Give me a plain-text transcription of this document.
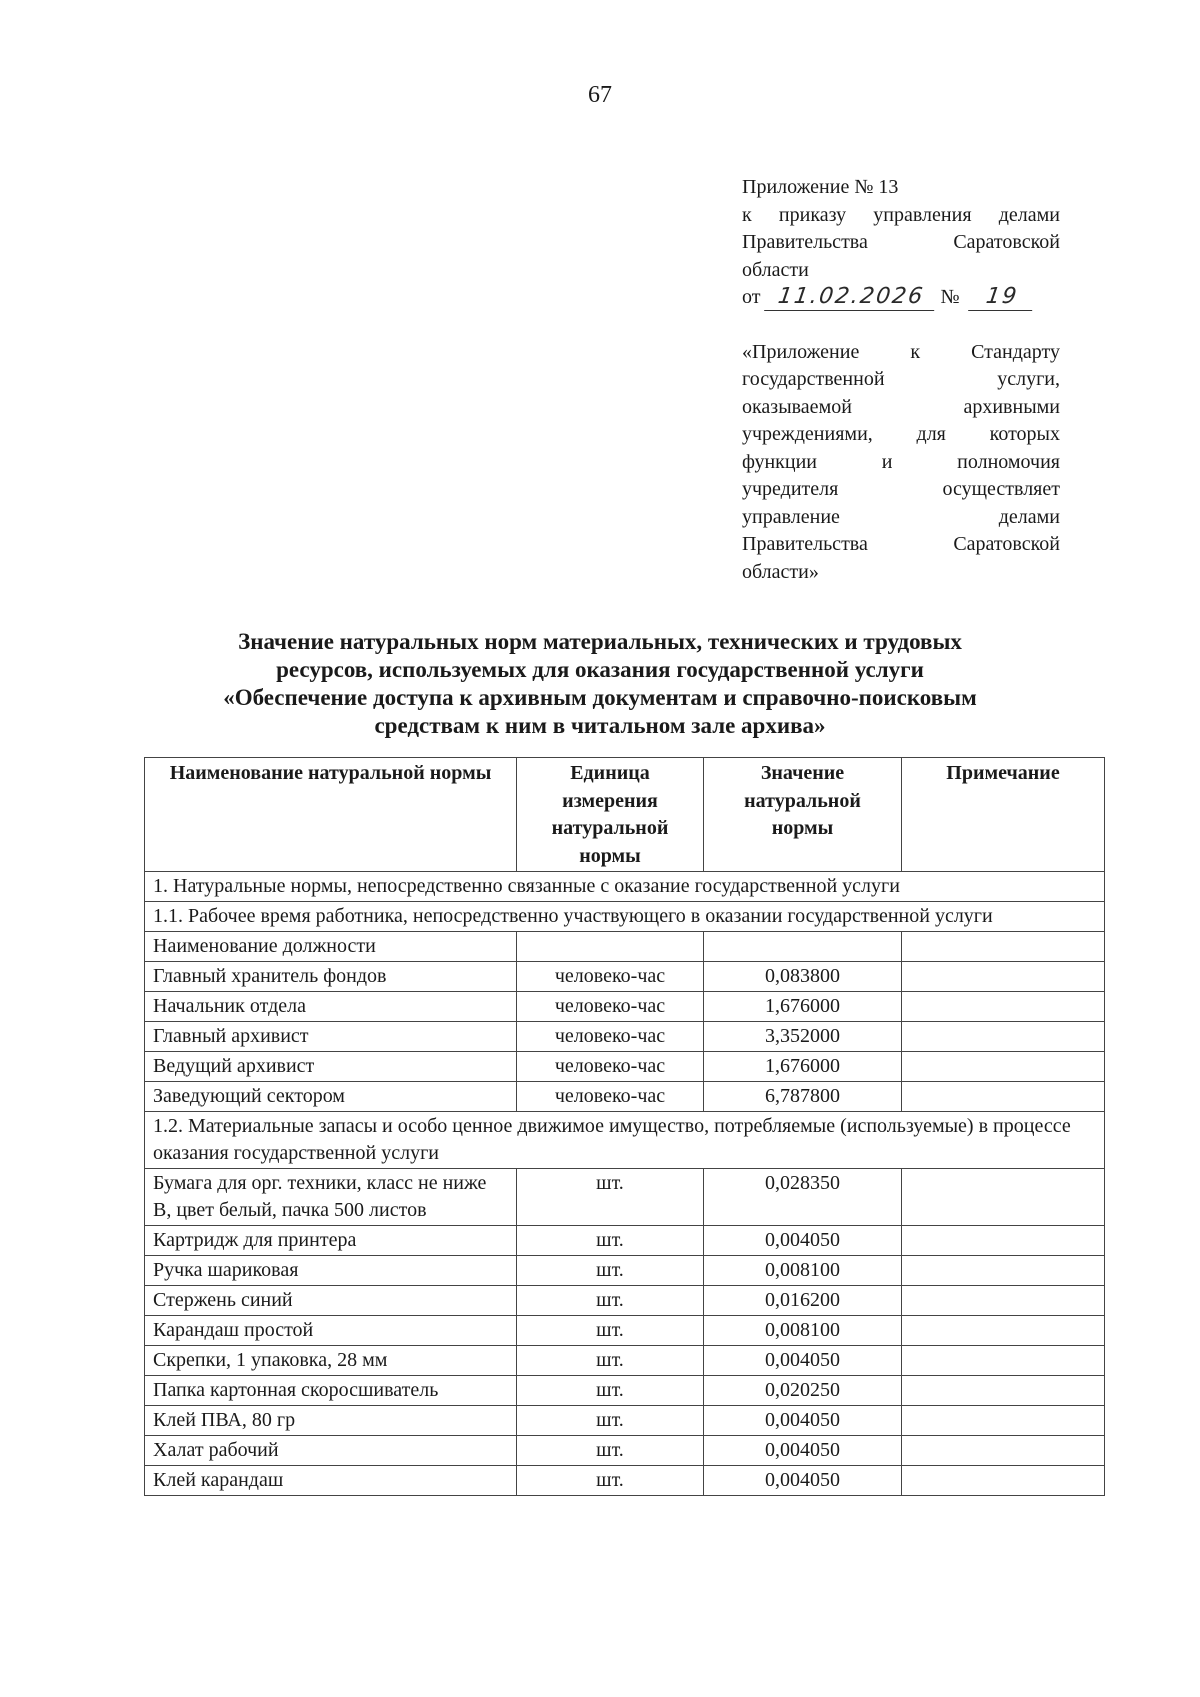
67
Приложение № 13
к приказу управления делами
Правительства Саратовской
области
от 11.02.2026 №	19
«Приложение к Стандарту
государственной услуги,
оказываемой архивными
учреждениями, для которых
функции и полномочия
учредителя осуществляет
управление делами
Правительства Саратовской
области»
Значение натуральных норм материальных, технических и трудовых
ресурсов, используемых для оказания государственной услуги
«Обеспечение доступа к архивным документам и справочно-поисковым
средствам к ним в читальном зале архива»
Наименование натуральной нормы	Единица измерения натуральной нормы	Значение натуральной нормы	Примечание
1. Натуральные нормы, непосредственно связанные с оказание государственной услуги			
1.1. Рабочее время работника, непосредственно участвующего в оказании государственной услуги			
Наименование должности			
Главный хранитель фондов	человеко-час	0,083800	
Начальник отдела	человеко-час	1,676000	
Главный архивист	человеко-час	3,352000	
Ведущий архивист	человеко-час	1,676000	
Заведующий сектором	человеко-час	6,787800	
1.2. Материальные запасы и особо ценное движимое имущество, потребляемые (используемые) в процессе оказания государственной услуги			
Бумага для орг. техники, класс не ниже В, цвет белый, пачка 500 листов	шт.	0,028350	
Картридж для принтера	шт.	0,004050	
Ручка шариковая	шт.	0,008100	
Стержень синий	шт.	0,016200	
Карандаш простой	шт.	0,008100	
Скрепки, 1 упаковка, 28 мм	шт.	0,004050	
Папка картонная скоросшиватель	шт.	0,020250	
Клей ПВА, 80 гр	шт.	0,004050	
Халат рабочий	шт.	0,004050	
Клей карандаш	шт.	0,004050	
